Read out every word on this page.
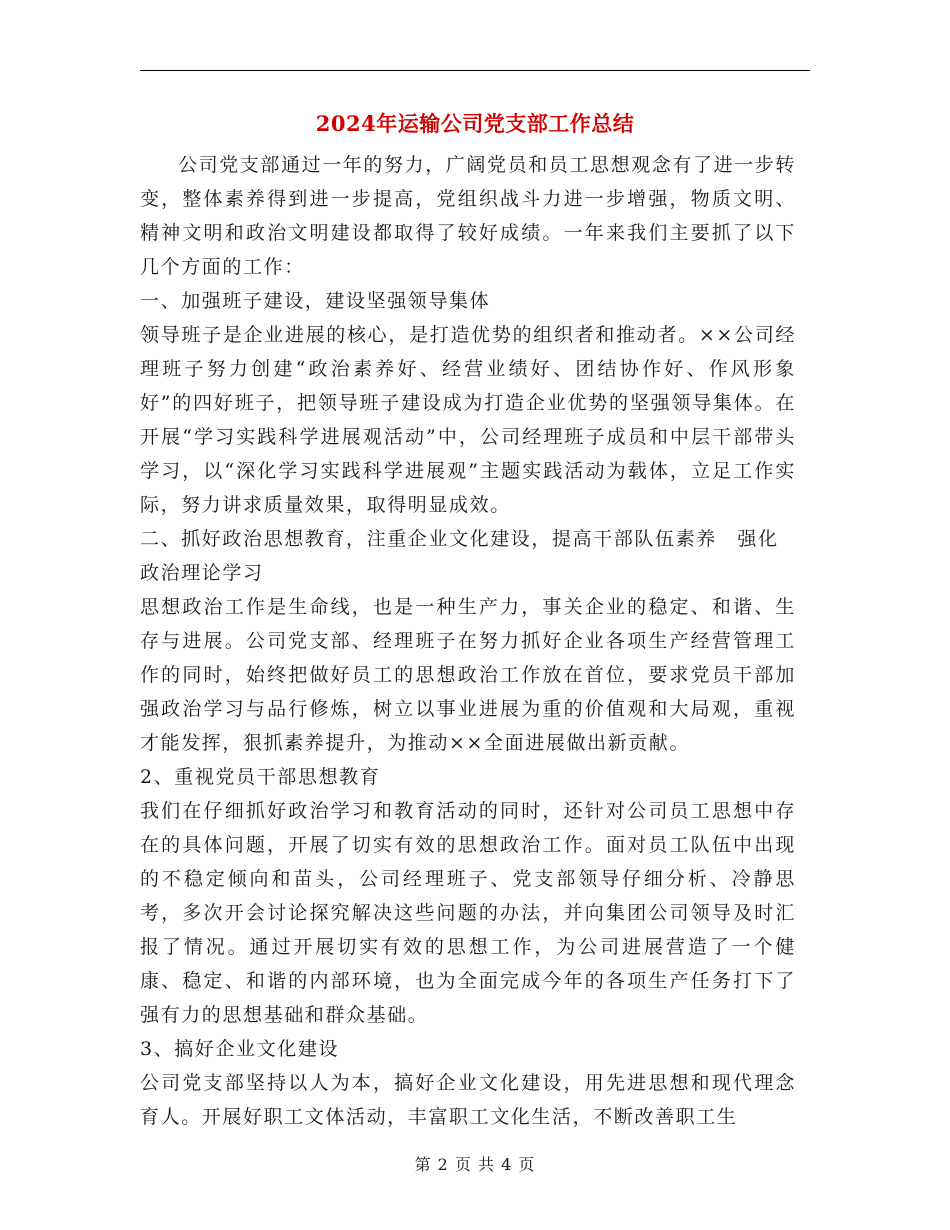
2024年运输公司党支部工作总结

公司党支部通过一年的努力，广阔党员和员工思想观念有了进一步转变，整体素养得到进一步提高，党组织战斗力进一步增强，物质文明、精神文明和政治文明建设都取得了较好成绩。一年来我们主要抓了以下几个方面的工作：

一、加强班子建设，建设坚强领导集体

领导班子是企业进展的核心，是打造优势的组织者和推动者。××公司经理班子努力创建“政治素养好、经营业绩好、团结协作好、作风形象好”的四好班子，把领导班子建设成为打造企业优势的坚强领导集体。在开展“学习实践科学进展观活动”中，公司经理班子成员和中层干部带头学习，以“深化学习实践科学进展观”主题实践活动为载体，立足工作实际，努力讲求质量效果，取得明显成效。

二、抓好政治思想教育，注重企业文化建设，提高干部队伍素养　强化政治理论学习

思想政治工作是生命线，也是一种生产力，事关企业的稳定、和谐、生存与进展。公司党支部、经理班子在努力抓好企业各项生产经营管理工作的同时，始终把做好员工的思想政治工作放在首位，要求党员干部加强政治学习与品行修炼，树立以事业进展为重的价值观和大局观，重视才能发挥，狠抓素养提升，为推动××全面进展做出新贡献。

2、重视党员干部思想教育

我们在仔细抓好政治学习和教育活动的同时，还针对公司员工思想中存在的具体问题，开展了切实有效的思想政治工作。面对员工队伍中出现的不稳定倾向和苗头，公司经理班子、党支部领导仔细分析、冷静思考，多次开会讨论探究解决这些问题的办法，并向集团公司领导及时汇报了情况。通过开展切实有效的思想工作，为公司进展营造了一个健康、稳定、和谐的内部环境，也为全面完成今年的各项生产任务打下了强有力的思想基础和群众基础。

3、搞好企业文化建设

公司党支部坚持以人为本，搞好企业文化建设，用先进思想和现代理念育人。开展好职工文体活动，丰富职工文化生活，不断改善职工生

第 2 页 共 4 页
